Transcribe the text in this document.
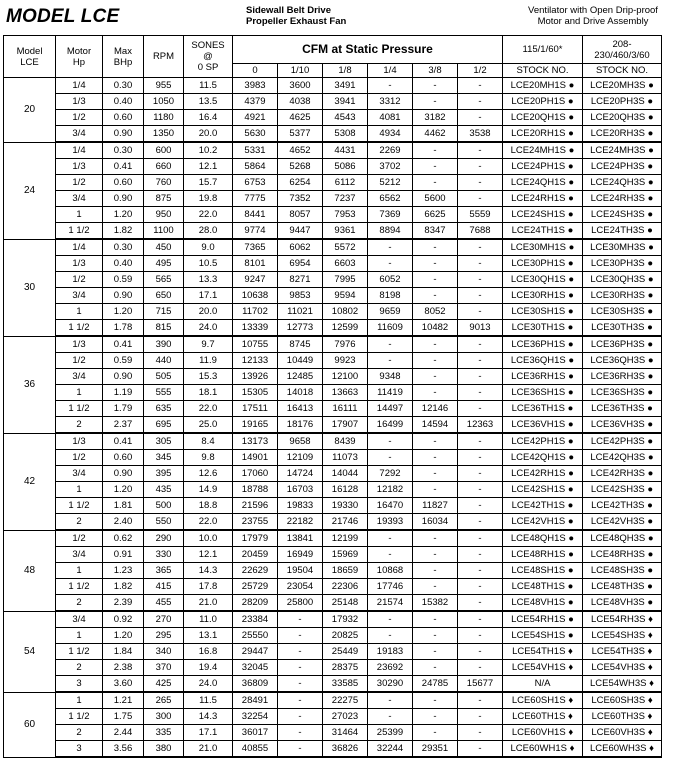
MODEL LCE	Sidewall Belt Drive
Propeller Exhaust Fan
Ventilator with Open Drip-proof
Motor and Drive Assembly
Model
LCE	Motor
Hp	Max
BHp	RPM	SONES
@
0 SP	CFM at Static Pressure						115/1/60*	208-
230/460/3/60
					0	1/10	1/8	1/4	3/8	1/2	STOCK NO.	STOCK NO.
20	1/4	0.30	955	11.5	3983	3600	3491	-	-	-	LCE20MH1S ●	LCE20MH3S ●
	1/3	0.40	1050	13.5	4379	4038	3941	3312	-	-	LCE20PH1S ●	LCE20PH3S ●
	1/2	0.60	1180	16.4	4921	4625	4543	4081	3182	-	LCE20QH1S ●	LCE20QH3S ●
	3/4	0.90	1350	20.0	5630	5377	5308	4934	4462	3538	LCE20RH1S ●	LCE20RH3S ●
24	1/4	0.30	600	10.2	5331	4652	4431	2269	-	-	LCE24MH1S ●	LCE24MH3S ●
	1/3	0.41	660	12.1	5864	5268	5086	3702	-	-	LCE24PH1S ●	LCE24PH3S ●
	1/2	0.60	760	15.7	6753	6254	6112	5212	-	-	LCE24QH1S ●	LCE24QH3S ●
	3/4	0.90	875	19.8	7775	7352	7237	6562	5600	-	LCE24RH1S ●	LCE24RH3S ●
	1	1.20	950	22.0	8441	8057	7953	7369	6625	5559	LCE24SH1S ●	LCE24SH3S ●
	1 1/2	1.82	1100	28.0	9774	9447	9361	8894	8347	7688	LCE24TH1S ●	LCE24TH3S ●
30	1/4	0.30	450	9.0	7365	6062	5572	-	-	-	LCE30MH1S ●	LCE30MH3S ●
	1/3	0.40	495	10.5	8101	6954	6603	-	-	-	LCE30PH1S ●	LCE30PH3S ●
	1/2	0.59	565	13.3	9247	8271	7995	6052	-	-	LCE30QH1S ●	LCE30QH3S ●
	3/4	0.90	650	17.1	10638	9853	9594	8198	-	-	LCE30RH1S ●	LCE30RH3S ●
	1	1.20	715	20.0	11702	11021	10802	9659	8052	-	LCE30SH1S ●	LCE30SH3S ●
	1 1/2	1.78	815	24.0	13339	12773	12599	11609	10482	9013	LCE30TH1S ●	LCE30TH3S ●
36	1/3	0.41	390	9.7	10755	8745	7976	-	-	-	LCE36PH1S ●	LCE36PH3S ●
	1/2	0.59	440	11.9	12133	10449	9923	-	-	-	LCE36QH1S ●	LCE36QH3S ●
	3/4	0.90	505	15.3	13926	12485	12100	9348	-	-	LCE36RH1S ●	LCE36RH3S ●
	1	1.19	555	18.1	15305	14018	13663	11419	-	-	LCE36SH1S ●	LCE36SH3S ●
	1 1/2	1.79	635	22.0	17511	16413	16111	14497	12146	-	LCE36TH1S ●	LCE36TH3S ●
	2	2.37	695	25.0	19165	18176	17907	16499	14594	12363	LCE36VH1S ●	LCE36VH3S ●
42	1/3	0.41	305	8.4	13173	9658	8439	-	-	-	LCE42PH1S ●	LCE42PH3S ●
	1/2	0.60	345	9.8	14901	12109	11073	-	-	-	LCE42QH1S ●	LCE42QH3S ●
	3/4	0.90	395	12.6	17060	14724	14044	7292	-	-	LCE42RH1S ●	LCE42RH3S ●
	1	1.20	435	14.9	18788	16703	16128	12182	-	-	LCE42SH1S ●	LCE42SH3S ●
	1 1/2	1.81	500	18.8	21596	19833	19330	16470	11827	-	LCE42TH1S ●	LCE42TH3S ●
	2	2.40	550	22.0	23755	22182	21746	19393	16034	-	LCE42VH1S ●	LCE42VH3S ●
48	1/2	0.62	290	10.0	17979	13841	12199	-	-	-	LCE48QH1S ●	LCE48QH3S ●
	3/4	0.91	330	12.1	20459	16949	15969	-	-	-	LCE48RH1S ●	LCE48RH3S ●
	1	1.23	365	14.3	22629	19504	18659	10868	-	-	LCE48SH1S ●	LCE48SH3S ●
	1 1/2	1.82	415	17.8	25729	23054	22306	17746	-	-	LCE48TH1S ●	LCE48TH3S ●
	2	2.39	455	21.0	28209	25800	25148	21574	15382	-	LCE48VH1S ●	LCE48VH3S ●
54	3/4	0.92	270	11.0	23384	-	17932	-	-	-	LCE54RH1S ●	LCE54RH3S ♦
	1	1.20	295	13.1	25550	-	20825	-	-	-	LCE54SH1S ●	LCE54SH3S ♦
	1 1/2	1.84	340	16.8	29447	-	25449	19183	-	-	LCE54TH1S ♦	LCE54TH3S ♦
	2	2.38	370	19.4	32045	-	28375	23692	-	-	LCE54VH1S ♦	LCE54VH3S ♦
	3	3.60	425	24.0	36809	-	33585	30290	24785	15677	N/A	LCE54WH3S ♦
60	1	1.21	265	11.5	28491	-	22275	-	-	-	LCE60SH1S ♦	LCE60SH3S ♦
	1 1/2	1.75	300	14.3	32254	-	27023	-	-	-	LCE60TH1S ♦	LCE60TH3S ♦
	2	2.44	335	17.1	36017	-	31464	25399	-	-	LCE60VH1S ♦	LCE60VH3S ♦
	3	3.56	380	21.0	40855	-	36826	32244	29351	-	LCE60WH1S ♦	LCE60WH3S ♦
